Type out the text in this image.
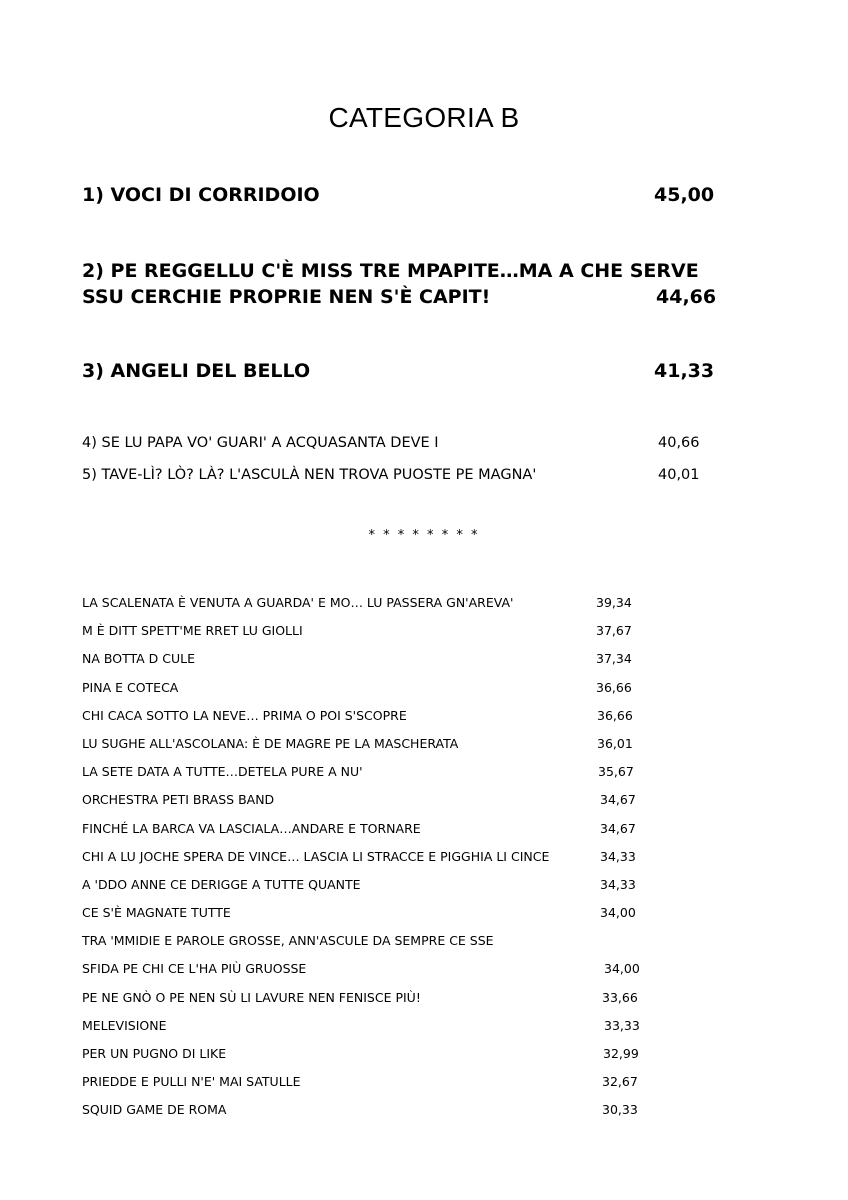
CATEGORIA B
1) VOCI DI CORRIDOIO	45,00
2) PE REGGELLU C'È MISS TRE MPAPITE…MA A CHE SERVE
SSU CERCHIE PROPRIE NEN S'È CAPIT!	44,66
3) ANGELI DEL BELLO	41,33
4) SE LU PAPA VO' GUARI' A ACQUASANTA DEVE I	40,66
5) TAVE-LÌ? LÒ? LÀ? L'ASCULÀ NEN TROVA PUOSTE PE MAGNA'	40,01
* * * * * * * *
LA SCALENATA È VENUTA A GUARDA' E MO… LU PASSERA GN'AREVA'	39,34
M È DITT SPETT'ME RRET LU GIOLLI	37,67
NA BOTTA D CULE	37,34
PINA E COTECA	36,66
CHI CACA SOTTO LA NEVE… PRIMA O POI S'SCOPRE	36,66
LU SUGHE ALL'ASCOLANA: È DE MAGRE PE LA MASCHERATA	36,01
LA SETE DATA A TUTTE…DETELA PURE A NU'	35,67
ORCHESTRA PETI BRASS BAND	34,67
FINCHÉ LA BARCA VA LASCIALA…ANDARE E TORNARE	34,67
CHI A LU JOCHE SPERA DE VINCE… LASCIA LI STRACCE E PIGGHIA LI CINCE	34,33
A 'DDO ANNE CE DERIGGE A TUTTE QUANTE	34,33
CE S'È MAGNATE TUTTE	34,00
TRA 'MMIDIE E PAROLE GROSSE, ANN'ASCULE DA SEMPRE CE SSE
SFIDA PE CHI CE L'HA PIÙ GRUOSSE	34,00
PE NE GNÒ O PE NEN SÙ LI LAVURE NEN FENISCE PIÙ!	33,66
MELEVISIONE	33,33
PER UN PUGNO DI LIKE	32,99
PRIEDDE E PULLI N'E' MAI SATULLE	32,67
SQUID GAME DE ROMA	30,33
